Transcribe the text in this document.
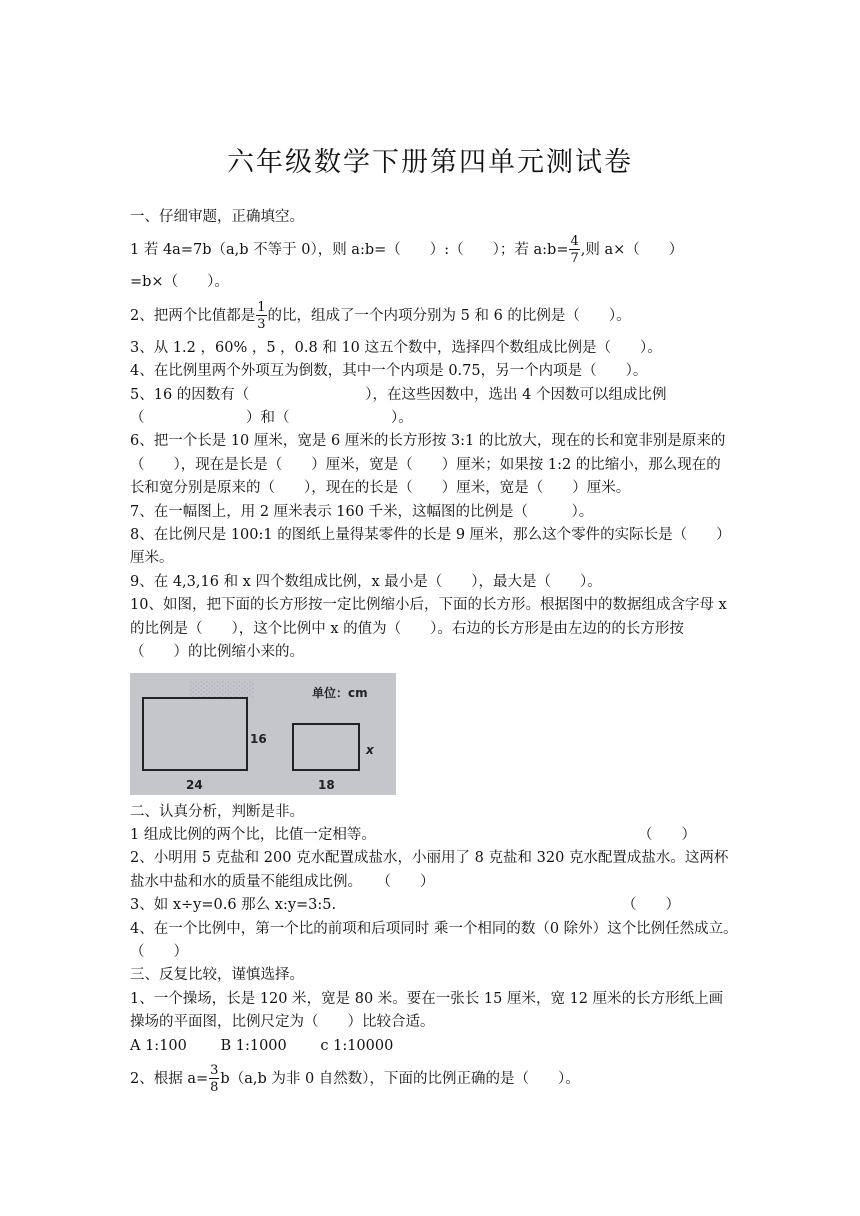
六年级数学下册第四单元测试卷

一、仔细审题，正确填空。

1 若 4a=7b（a,b 不等于 0），则 a:b=（　　）:（　　）；若 a:b= $\frac{4}{7}$ ,则 a×（　　）

=b×（　　）。

2、把两个比值都是 $\frac{1}{3}$ 的比，组成了一个内项分别为 5 和 6 的比例是（　　）。

3、从 1.2 ，60% ，5 ，0.8 和 10 这五个数中，选择四个数组成比例是（　　）。

4、在比例里两个外项互为倒数，其中一个内项是 0.75，另一个内项是（　　）。

5、16 的因数有（　　　　　　　　），在这些因数中，选出 4 个因数可以组成比例（　　　　　　　）和（　　　　　　　）。

6、把一个长是 10 厘米，宽是 6 厘米的长方形按 3:1 的比放大，现在的长和宽非别是原来的（　　），现在是长是（　　）厘米，宽是（　　）厘米；如果按 1:2 的比缩小，那么现在的长和宽分别是原来的（　　），现在的长是（　　）厘米，宽是（　　）厘米。

7、在一幅图上，用 2 厘米表示 160 千米，这幅图的比例是（　　　）。

8、在比例尺是 100:1 的图纸上量得某零件的长是 9 厘米，那么这个零件的实际长是（　　）厘米。

9、在 4,3,16 和 x 四个数组成比例，x 最小是（　　），最大是（　　）。

10、如图，把下面的长方形按一定比例缩小后，下面的长方形。根据图中的数据组成含字母 x 的比例是（　　），这个比例中 x 的值为（　　）。右边的长方形是由左边的的长方形按（　　）的比例缩小来的。

░░░░░░	单位：cm
16
24
x
18

二、认真分析，判断是非。

1 组成比例的两个比，比值一定相等。	（　　）

2、小明用 5 克盐和 200 克水配置成盐水，小丽用了 8 克盐和 320 克水配置成盐水。这两杯盐水中盐和水的质量不能组成比例。　　 （　　）

3、如 x÷y=0.6 那么 x:y=3:5.	（　　）

4、在一个比例中，第一个比的前项和后项同时 乘一个相同的数（0 除外）这个比例任然成立。　　　　　　　　　　　　　　　　　　（　　）

三、反复比较，谨慎选择。

1、一个操场，长是 120 米，宽是 80 米。要在一张长 15 厘米，宽 12 厘米的长方形纸上画操场的平面图，比例尺定为（　　）比较合适。

A 1:100　　 B 1:1000　　 c 1:10000

2、根据 $a= \frac{3}{8} b(a,b$ 为非 0 自然数），下面的比例正确的是（　　）。
